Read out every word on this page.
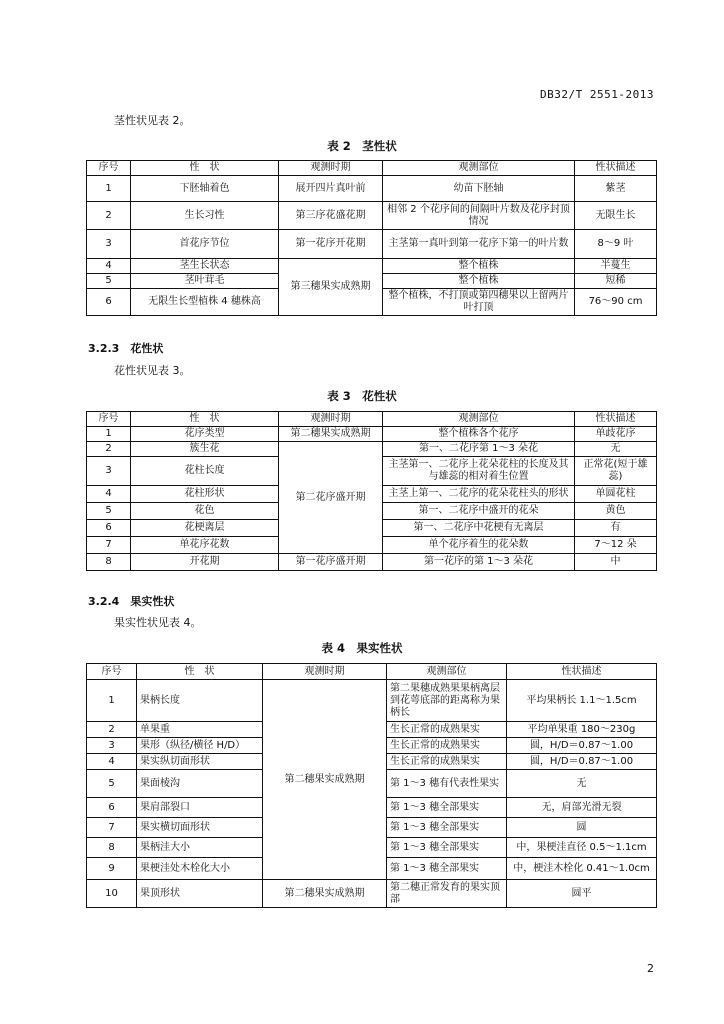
DB32/T 2551-2013
茎性状见表 2。
表 2　茎性状
序号	性　状	观测时期	观测部位	性状描述
1	下胚轴着色	展开四片真叶前	幼苗下胚轴	紫茎
2	生长习性	第三序花盛花期	相邻 2 个花序间的间隔叶片数及花序封顶情况	无限生长
3	首花序节位	第一花序开花期	主茎第一真叶到第一花序下第一的叶片数	8～9 叶
4	茎生长状态	第三穗果实成熟期	整个植株	半蔓生
5	茎叶茸毛		整个植株	短稀
6	无限生长型植株 4 穗株高		整个植株，不打顶或第四穗果以上留两片叶打顶	76～90 cm
3.2.3　花性状
花性状见表 3。
表 3　花性状
序号	性　状	观测时期	观测部位	性状描述
1	花序类型	第二穗果实成熟期	整个植株各个花序	单歧花序
2	簇生花	第二花序盛开期	第一、二花序第 1～3 朵花	无
3	花柱长度		主茎第一、二花序上花朵花柱的长度及其与雄蕊的相对着生位置	正常花(短于雄蕊)
4	花柱形状		主茎上第一、二花序的花朵花柱头的形状	单圆花柱
5	花色		第一、二花序中盛开的花朵	黄色
6	花梗离层		第一、二花序中花梗有无离层	有
7	单花序花数		单个花序着生的花朵数	7～12 朵
8	开花期	第一花序盛开期	第一花序的第 1～3 朵花	中
3.2.4　果实性状
果实性状见表 4。
表 4　果实性状
序号	性　状	观测时期	观测部位	性状描述
1	果柄长度	第二穗果实成熟期	第二果穗成熟果果柄离层到花萼底部的距离称为果柄长	平均果柄长 1.1～1.5cm
2	单果重		生长正常的成熟果实	平均单果重 180～230g
3	果形（纵径/横径 H/D）		生长正常的成熟果实	圆，H/D＝0.87～1.00
4	果实纵切面形状		生长正常的成熟果实	圆，H/D＝0.87～1.00
5	果面棱沟		第 1～3 穗有代表性果实	无
6	果肩部裂口		第 1～3 穗全部果实	无，肩部光滑无裂
7	果实横切面形状		第 1～3 穗全部果实	圆
8	果柄洼大小		第 1～3 穗全部果实	中，果梗洼直径 0.5～1.1cm
9	果梗洼处木栓化大小		第 1～3 穗全部果实	中，梗洼木栓化 0.41～1.0cm
10	果顶形状	第二穗果实成熟期	第二穗正常发育的果实顶部	圆平
2
